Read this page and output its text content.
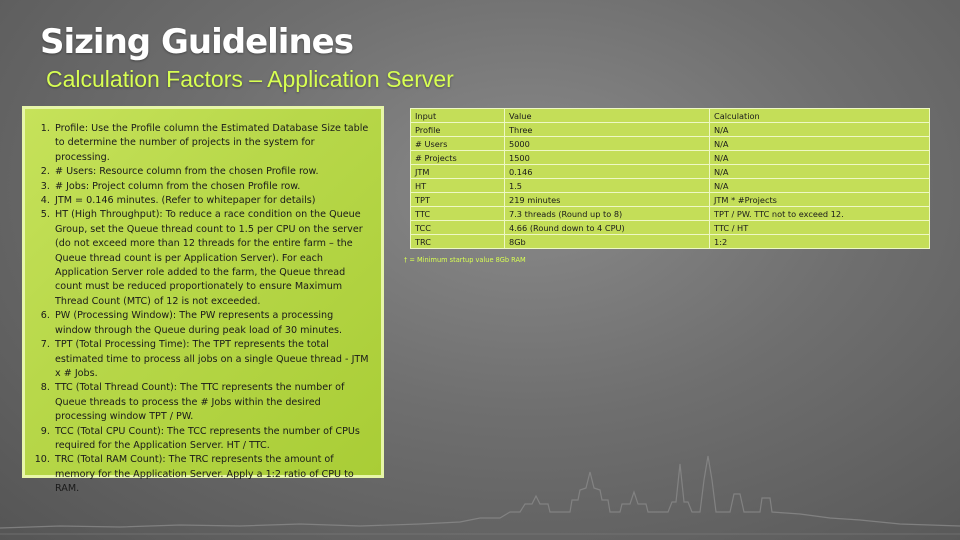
Sizing Guidelines
Calculation Factors – Application Server
1. Profile: Use the Profile column the Estimated Database Size table to determine the number of projects in the system for processing.
2. # Users: Resource column from the chosen Profile row.
3. # Jobs: Project column from the chosen Profile row.
4. JTM = 0.146 minutes. (Refer to whitepaper for details)
5. HT (High Throughput): To reduce a race condition on the Queue Group, set the Queue thread count to 1.5 per CPU on the server (do not exceed more than 12 threads for the entire farm – the Queue thread count is per Application Server). For each Application Server role added to the farm, the Queue thread count must be reduced proportionately to ensure Maximum Thread Count (MTC) of 12 is not exceeded.
6. PW (Processing Window): The PW represents a processing window through the Queue during peak load of 30 minutes.
7. TPT (Total Processing Time): The TPT represents the total estimated time to process all jobs on a single Queue thread - JTM x # Jobs.
8. TTC (Total Thread Count): The TTC represents the number of Queue threads to process the # Jobs within the desired processing window TPT / PW.
9. TCC (Total CPU Count): The TCC represents the number of CPUs required for the Application Server. HT / TTC.
10. TRC (Total RAM Count): The TRC represents the amount of memory for the Application Server. Apply a 1:2 ratio of CPU to RAM.
Input	Value	Calculation
Profile	Three	N/A
# Users	5000	N/A
# Projects	1500	N/A
JTM	0.146	N/A
HT	1.5	N/A
TPT	219 minutes	JTM * #Projects
TTC	7.3 threads (Round up to 8)	TPT / PW. TTC not to exceed 12.
TCC	4.66 (Round down to 4 CPU)	TTC / HT
TRC	8Gb	1:2
† = Minimum startup value 8Gb RAM
